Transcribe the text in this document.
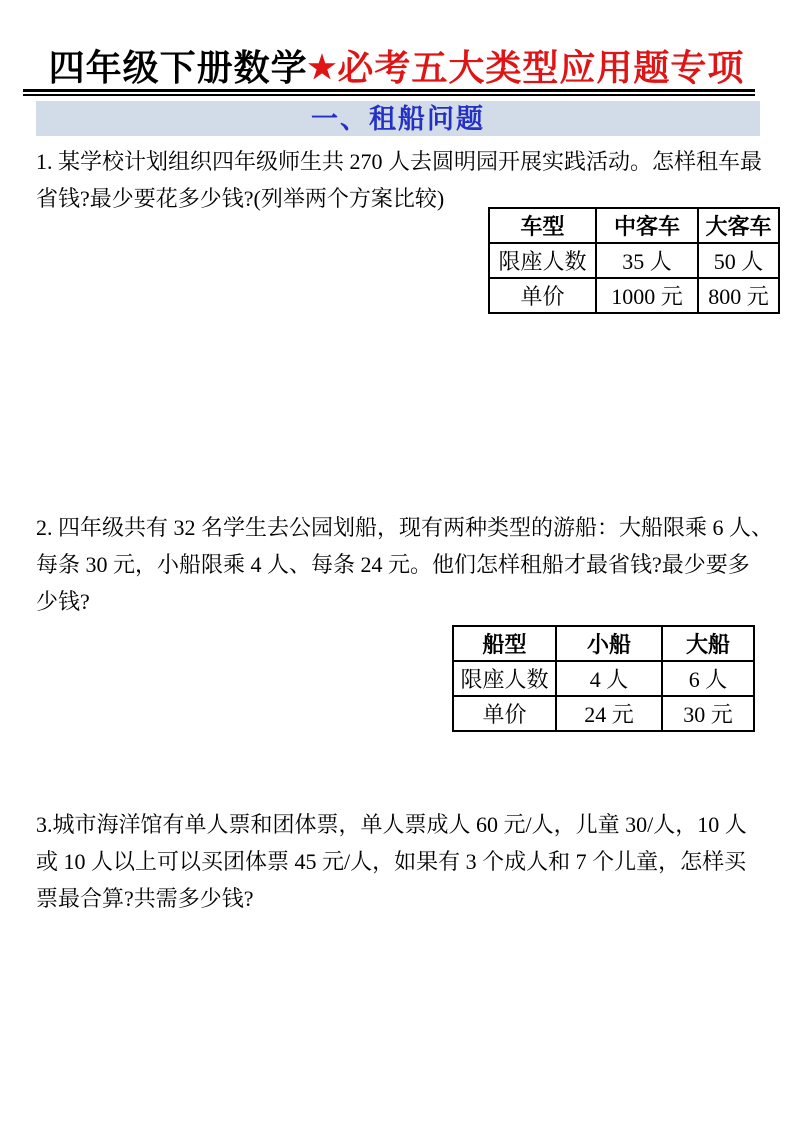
四年级下册数学★必考五大类型应用题专项
一、租船问题
1. 某学校计划组织四年级师生共 270 人去圆明园开展实践活动。怎样租车最
省钱?最少要花多少钱?(列举两个方案比较)
车型	中客车	大客车
限座人数	35 人	50 人
单价	1000 元	800 元
2. 四年级共有 32 名学生去公园划船，现有两种类型的游船：大船限乘 6 人、
每条 30 元，小船限乘 4 人、每条 24 元。他们怎样租船才最省钱?最少要多
少钱?
船型	小船	大船
限座人数	4 人	6 人
单价	24 元	30 元
3.城市海洋馆有单人票和团体票，单人票成人 60 元/人，儿童 30/人，10 人
或 10 人以上可以买团体票 45 元/人，如果有 3 个成人和 7 个儿童，怎样买
票最合算?共需多少钱?
